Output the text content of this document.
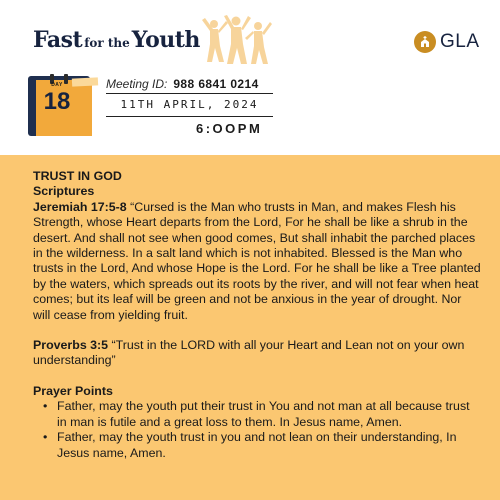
Fast for theYouth	GLA
DAY
18
Meeting ID: 988 6841 0214
11TH APRIL, 2024
6:OOPM
TRUST IN GOD
Scriptures

Jeremiah 17:5-8 “Cursed is the Man who trusts in Man, and makes Flesh his Strength, whose Heart departs from the Lord, For he shall be like a shrub in the desert. And shall not see when good comes, But shall inhabit the parched places in the wilderness. In a salt land which is not inhabited. Blessed is the Man who trusts in the Lord, And whose Hope is the Lord. For he shall be like a Tree planted by the waters, which spreads out its roots by the river, and will not fear when heat comes; but its leaf will be green and not be anxious in the year of drought. Nor will cease from yielding fruit.

Proverbs 3:5 “Trust in the LORD with all your Heart and Lean not on your own understanding”

Prayer Points
• Father, may the youth put their trust in You and not man at all because trust in man is futile and a great loss to them. In Jesus name, Amen.
• Father, may the youth trust in you and not lean on their understanding, In Jesus name, Amen.
